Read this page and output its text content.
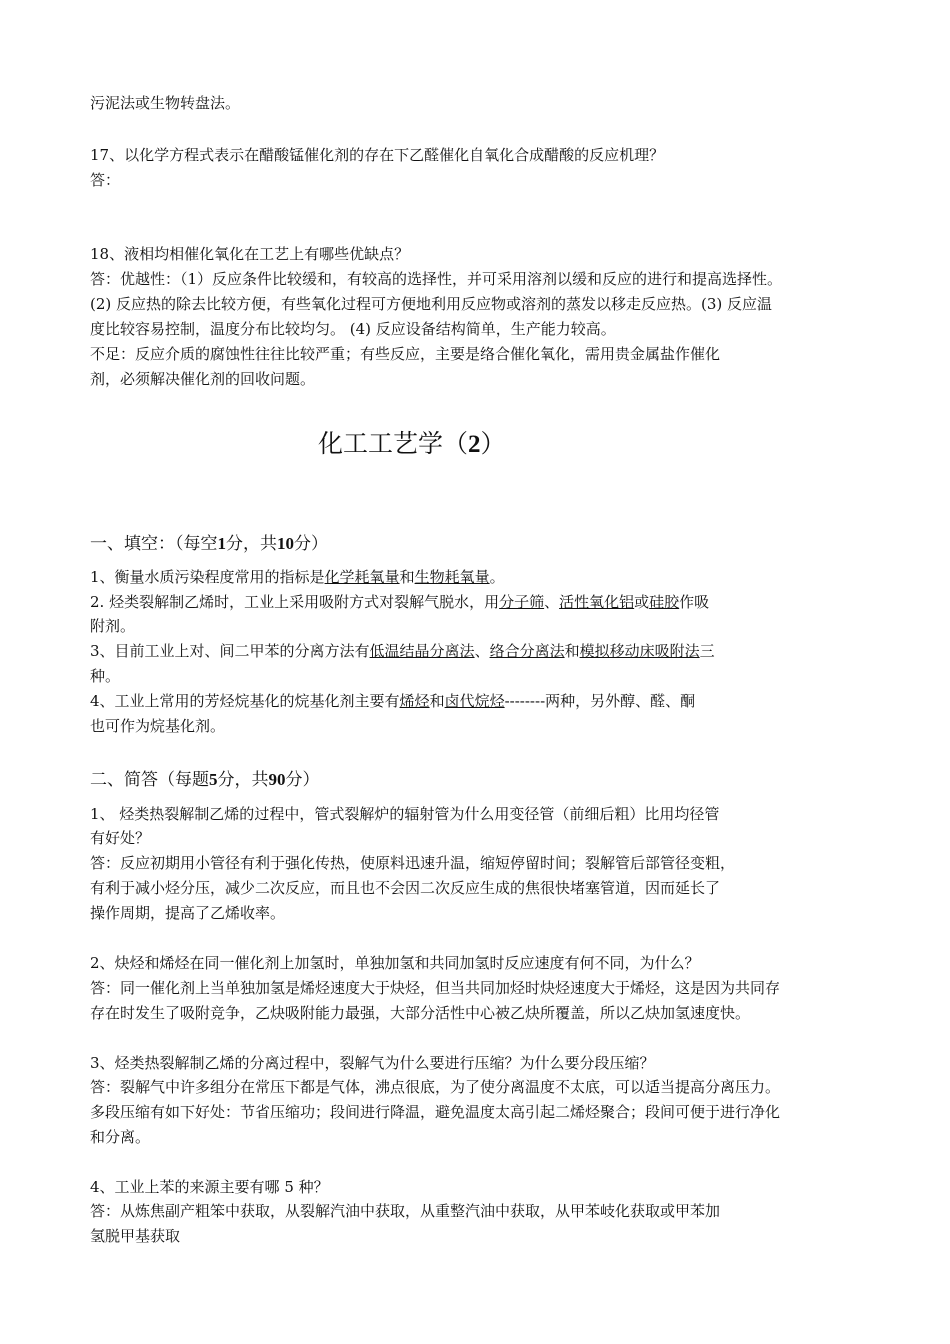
污泥法或生物转盘法。
17、以化学方程式表示在醋酸锰催化剂的存在下乙醛催化自氧化合成醋酸的反应机理？
答：
18、液相均相催化氧化在工艺上有哪些优缺点？
答：优越性：（1）反应条件比较缓和，有较高的选择性，并可采用溶剂以缓和反应的进行和提高选择性。
(2) 反应热的除去比较方便，有些氧化过程可方便地利用反应物或溶剂的蒸发以移走反应热。(3) 反应温
度比较容易控制，温度分布比较均匀。 (4) 反应设备结构简单，生产能力较高。
不足：反应介质的腐蚀性往往比较严重；有些反应，主要是络合催化氧化，需用贵金属盐作催化
剂，必须解决催化剂的回收问题。
化工工艺学（2）
一、填空：（每空1分，共10分）
1、衡量水质污染程度常用的指标是化学耗氧量和生物耗氧量。
2. 烃类裂解制乙烯时，工业上采用吸附方式对裂解气脱水，用分子筛、活性氧化铝或硅胶作吸
附剂。
3、目前工业上对、间二甲苯的分离方法有低温结晶分离法、络合分离法和模拟移动床吸附法三
种。
4、工业上常用的芳烃烷基化的烷基化剂主要有烯烃和卤代烷烃--------两种，另外醇、醛、酮
也可作为烷基化剂。
二、简答（每题5分，共90分）
1、 烃类热裂解制乙烯的过程中，管式裂解炉的辐射管为什么用变径管（前细后粗）比用均径管
有好处？
答：反应初期用小管径有利于强化传热，使原料迅速升温，缩短停留时间；裂解管后部管径变粗，
有利于减小烃分压，减少二次反应，而且也不会因二次反应生成的焦很快堵塞管道，因而延长了
操作周期，提高了乙烯收率。
2、炔烃和烯烃在同一催化剂上加氢时，单独加氢和共同加氢时反应速度有何不同，为什么？
答：同一催化剂上当单独加氢是烯烃速度大于炔烃，但当共同加烃时炔烃速度大于烯烃，这是因为共同存
存在时发生了吸附竞争，乙炔吸附能力最强，大部分活性中心被乙炔所覆盖，所以乙炔加氢速度快。
3、烃类热裂解制乙烯的分离过程中，裂解气为什么要进行压缩？为什么要分段压缩？
答：裂解气中许多组分在常压下都是气体，沸点很底，为了使分离温度不太底，可以适当提高分离压力。
多段压缩有如下好处：节省压缩功；段间进行降温，避免温度太高引起二烯烃聚合；段间可便于进行净化
和分离。
4、工业上苯的来源主要有哪 5 种？
答：从炼焦副产粗笨中获取，从裂解汽油中获取，从重整汽油中获取，从甲苯岐化获取或甲苯加
氢脱甲基获取
